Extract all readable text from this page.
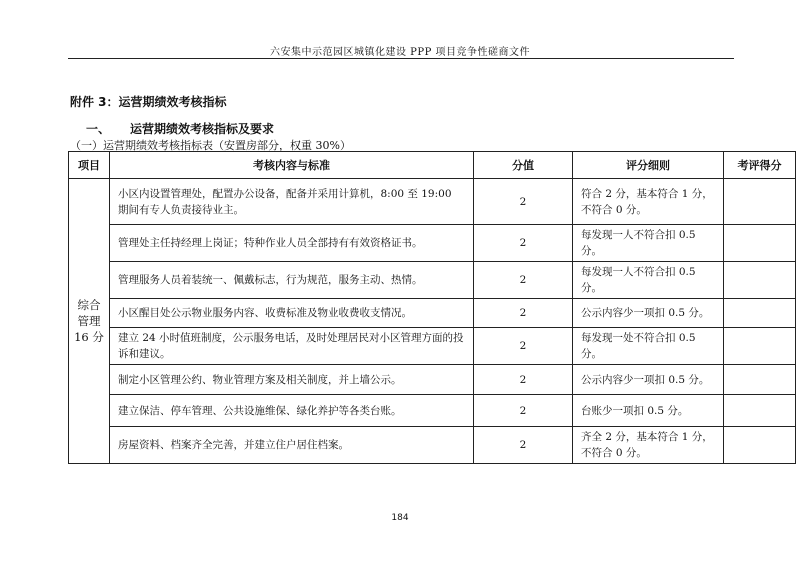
六安集中示范园区城镇化建设 PPP 项目竞争性磋商文件
附件 3：运营期绩效考核指标
一、 运营期绩效考核指标及要求
（一）运营期绩效考核指标表（安置房部分，权重 30%）
项目	考核内容与标准	分值	评分细则	考评得分

综合
管理
16 分	小区内设置管理处，配置办公设备，配备并采用计算机，8:00 至 19:00 期间有专人负责接待业主。	2	符合 2 分，基本符合 1 分，不符合 0 分。	
	管理处主任持经理上岗证；特种作业人员全部持有有效资格证书。	2	每发现一人不符合扣 0.5 分。	
	管理服务人员着装统一、佩戴标志，行为规范，服务主动、热情。	2	每发现一人不符合扣 0.5 分。	
	小区醒目处公示物业服务内容、收费标准及物业收费收支情况。	2	公示内容少一项扣 0.5 分。	
	建立 24 小时值班制度，公示服务电话，及时处理居民对小区管理方面的投诉和建议。	2	每发现一处不符合扣 0.5 分。	
	制定小区管理公约、物业管理方案及相关制度，并上墙公示。	2	公示内容少一项扣 0.5 分。	
	建立保洁、停车管理、公共设施维保、绿化养护等各类台账。	2	台账少一项扣 0.5 分。	
	房屋资料、档案齐全完善，并建立住户居住档案。	2	齐全 2 分，基本符合 1 分，不符合 0 分。	
184
